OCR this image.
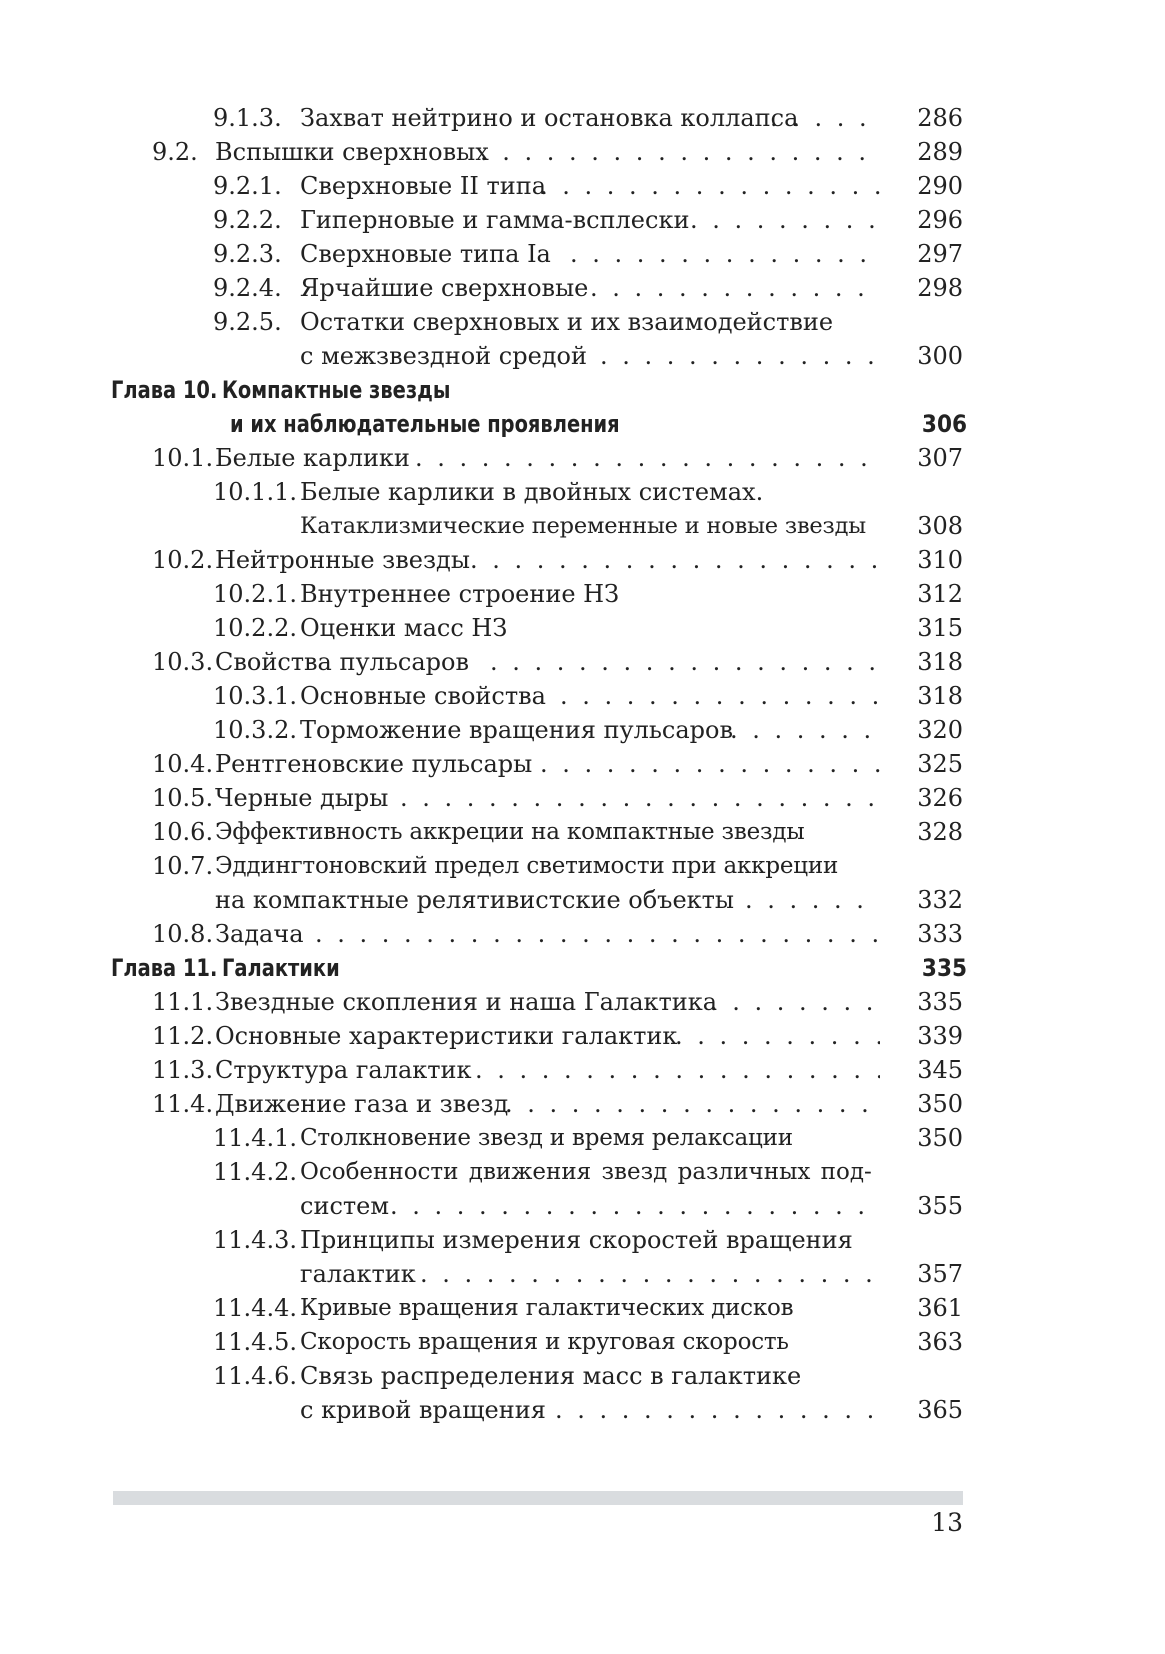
9.1.3. Захват нейтрино и остановка коллапса . . .	286
9.2. Вспышки сверхновых . . .	289
9.2.1. Сверхновые II типа . . .	290
9.2.2. Гиперновые и гамма-всплески . . .	296
9.2.3. Сверхновые типа Ia . . .	297
9.2.4. Ярчайшие сверхновые . . .	298
9.2.5. Остатки сверхновых и их взаимодействие
с межзвездной средой . . .	300
Глава 10. Компактные звезды
и их наблюдательные проявления	306
10.1. Белые карлики . . .	307
10.1.1. Белые карлики в двойных системах.
Катаклизмические переменные и новые звезды 308
10.2. Нейтронные звезды . . .	310
10.2.1. Внутреннее строение НЗ	312
10.2.2. Оценки масс НЗ	315
10.3. Свойства пульсаров . . .	318
10.3.1. Основные свойства . . .	318
10.3.2. Торможение вращения пульсаров . . .	320
10.4. Рентгеновские пульсары . . .	325
10.5. Черные дыры . . .	326
10.6. Эффективность аккреции на компактные звезды	328
10.7. Эддингтоновский предел светимости при аккреции
на компактные релятивистские объекты . . .	332
10.8. Задача . . .	333
Глава 11. Галактики	335
11.1. Звездные скопления и наша Галактика . . .	335
11.2. Основные характеристики галактик . . .	339
11.3. Структура галактик . . .	345
11.4. Движение газа и звезд . . .	350
11.4.1. Столкновение звезд и время релаксации	350
11.4.2. Особенности движения звезд различных под-
систем . . .	355
11.4.3. Принципы измерения скоростей вращения
галактик . . .	357
11.4.4. Кривые вращения галактических дисков	361
11.4.5. Скорость вращения и круговая скорость	363
11.4.6. Связь распределения масс в галактике
с кривой вращения . . .	365
13
